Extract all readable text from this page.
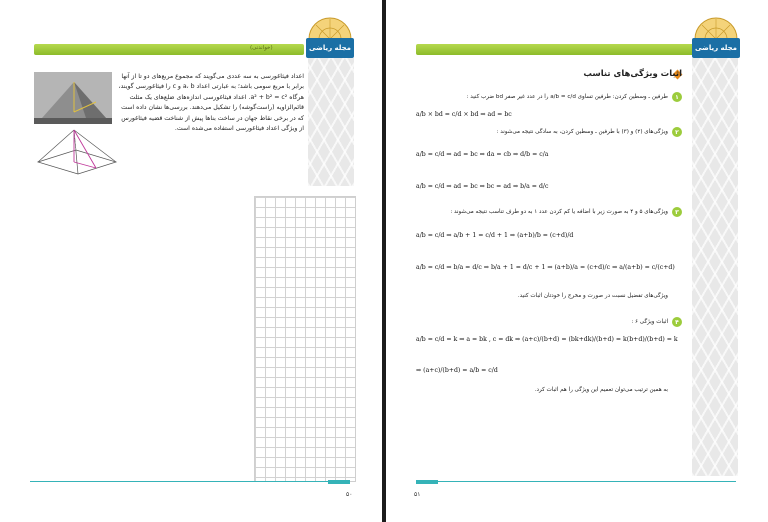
(خواندنی)	مجله ریاضی
اعداد فیثاغورسی به سه عددی می‌گویند که مجموع مربع‌های دو تا از آنها برابر با مربع سومی باشد؛ به عبارتی اعداد a، b و c را فیثاغورسی گویند، هرگاه a² + b² = c². اعداد فیثاغورسی اندازه‌های ضلع‌های یک مثلث قائم‌الزاویه (راست‌گوشه) را تشکیل می‌دهند. بررسی‌ها نشان داده است که در برخی نقاط جهان در ساخت بناها پیش از شناخت قضیه فیثاغورس از ویژگی اعداد فیثاغورسی استفاده می‌شده است.
۵۰
مجله ریاضی
اثبات ویژگی‌های تناسب
۱
طرفین ـ وسطین کردن: طرفین تساوی a/b = c/d را در عدد غیر صفر bd ضرب کنید :
a/b × bd = c/d × bd ⇒ ad = bc
۲
ویژگی‌های (۲) و (۳) با طرفین ـ وسطین کردن، به سادگی نتیجه می‌شوند :
a/b = c/d ⇒ ad = bc ⇒ da = cb ⇒ d/b = c/a
a/b = c/d ⇒ ad = bc ⇒ bc = ad ⇒ b/a = d/c
۳
ویژگی‌های ۵ و ۴ به صورت زیر با اضافه یا کم کردن عدد ۱ به دو طرف تناسب نتیجه می‌شوند :
a/b = c/d ⇒ a/b + 1 = c/d + 1 ⇒ (a+b)/b = (c+d)/d
a/b = c/d ⇒ b/a = d/c ⇒ b/a + 1 = d/c + 1 ⇒ (a+b)/a = (c+d)/c ⇒ a/(a+b) = c/(c+d)
ویژگی‌های تفضیل نسبت در صورت و مخرج را خودتان اثبات کنید.
۴
اثبات ویژگی ۶ :
a/b = c/d = k ⇒ a = bk , c = dk ⇒ (a+c)/(b+d) = (bk+dk)/(b+d) = k(b+d)/(b+d) = k
⇒ (a+c)/(b+d) = a/b = c/d
به همین ترتیب می‌توان تعمیم این ویژگی را هم اثبات کرد.
۵۱
